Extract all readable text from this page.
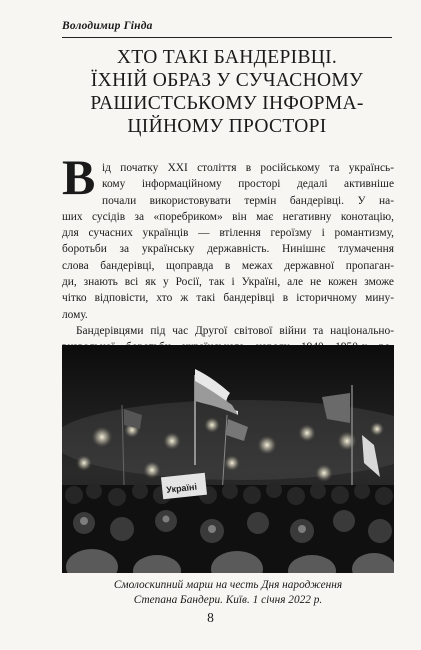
Володимир Гінда
ХТО ТАКІ БАНДЕРІВЦІ.
ЇХНІЙ ОБРАЗ У СУЧАСНОМУ
РАШИСТСЬКОМУ ІНФОРМА-
ЦІЙНОМУ ПРОСТОРІ
В ід початку XXI століття в російському та українсь-
кому інформаційному просторі дедалі активніше
почали використовувати термін бандерівці. У на-
ших сусідів за «поребриком» він має негативну конотацію,
для сучасних українців — втілення героїзму і романтизму,
боротьби за українську державність. Нинішнє тлумачення
слова бандерівці, щоправда в межах державної пропаган-
ди, знають всі як у Росії, так і Україні, але не кожен зможе
чітко відповісти, хто ж такі бандерівці в історичному мину-
лому.
Бандерівцями під час Другої світової війни та національно-
Україні
Смолоскипний марш на честь Дня народження
Степана Бандери. Київ. 1 січня 2022 р.
8
